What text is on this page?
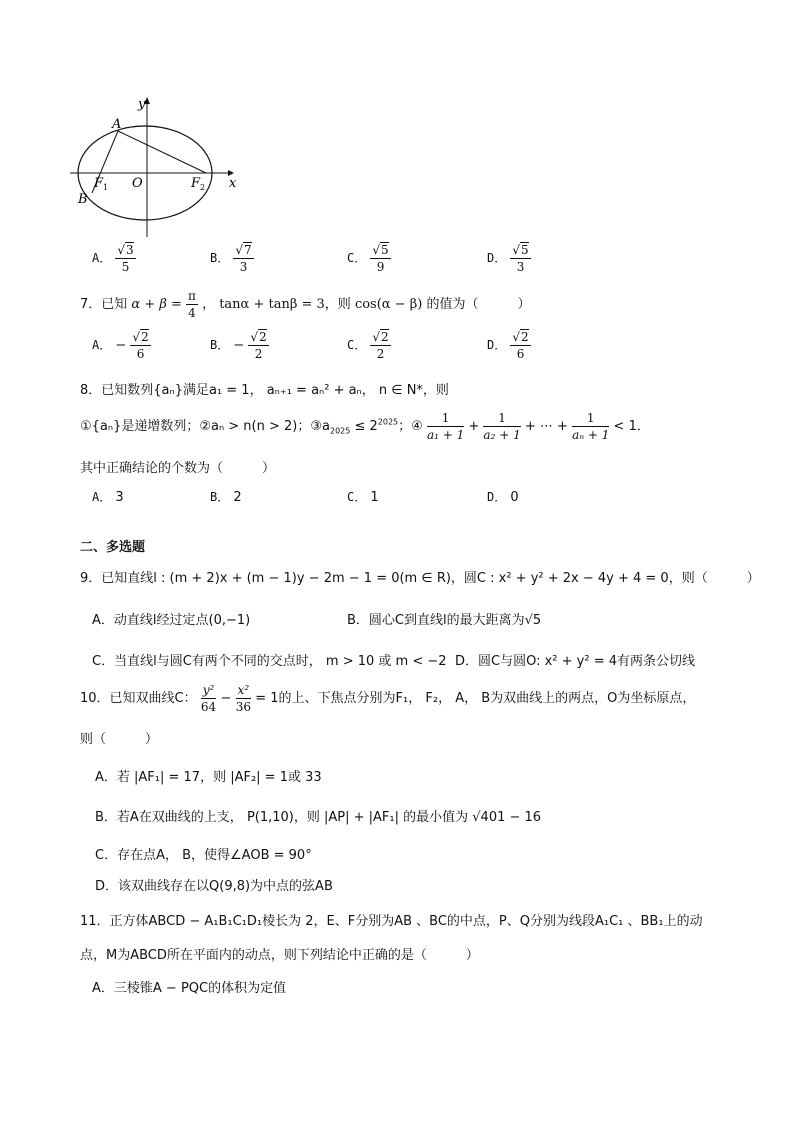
y
x
A
B
O
$F_1$	$F_2$
A． $\frac{√3}{5}$	B． $\frac{√7}{3}$	C． $\frac{√5}{9}$	D． $\frac{√5}{3}$
7．已知 $\alpha + \beta = \frac{\pi}{4}$ ， tanα + tanβ = 3，则 cos(α − β) 的值为（　　　）
A． − $\frac{√2}{6}$	B． − $\frac{√2}{2}$	C． $\frac{√2}{2}$	D． $\frac{√2}{6}$
8．已知数列{aₙ}满足a₁ = 1， aₙ₊₁ = aₙ² + aₙ， n ∈ N*，则
①{aₙ}是递增数列；②aₙ > n(n > 2)；$③a_{2025} \le 2^{2025}$；④ $\frac{1}{\text{a₁ + 1}} + \frac{1}{\text{a₂ + 1}}$ + ⋯ + $\frac{1}{\text{aₙ + 1}} < 1$．
其中正确结论的个数为（　　　）
A． 3	B． 2	C． 1	D． 0
二、多选题
9．已知直线l : (m + 2)x + (m − 1)y − 2m − 1 = 0(m ∈ R)，圆C : x² + y² + 2x − 4y + 4 = 0，则（　　　）
A．动直线l经过定点(0,−1)	B．圆心C到直线l的最大距离为√5
C．当直线l与圆C有两个不同的交点时， m > 10 或 m < −2 D．圆C与圆O: x² + y² = 4有两条公切线
10．已知双曲线C： $\frac{\text{y²}}{64} - \frac{\text{x²}}{36} = 1$的上、下焦点分别为F₁， F₂， A， B为双曲线上的两点，O为坐标原点，
则（　　　）
A．若 |AF₁| = 17，则 |AF₂| = 1或 33
B．若A在双曲线的上支， P(1,10)，则 |AP| + |AF₁| 的最小值为 √401 − 16
C．存在点A， B，使得∠AOB = 90°
D．该双曲线存在以Q(9,8)为中点的弦AB
11．正方体ABCD − A₁B₁C₁D₁棱长为 2，E、F分别为AB 、BC的中点，P、Q分别为线段A₁C₁ 、BB₁上的动
点，M为ABCD所在平面内的动点，则下列结论中正确的是（　　　）
A．三棱锥A − PQC的体积为定值
